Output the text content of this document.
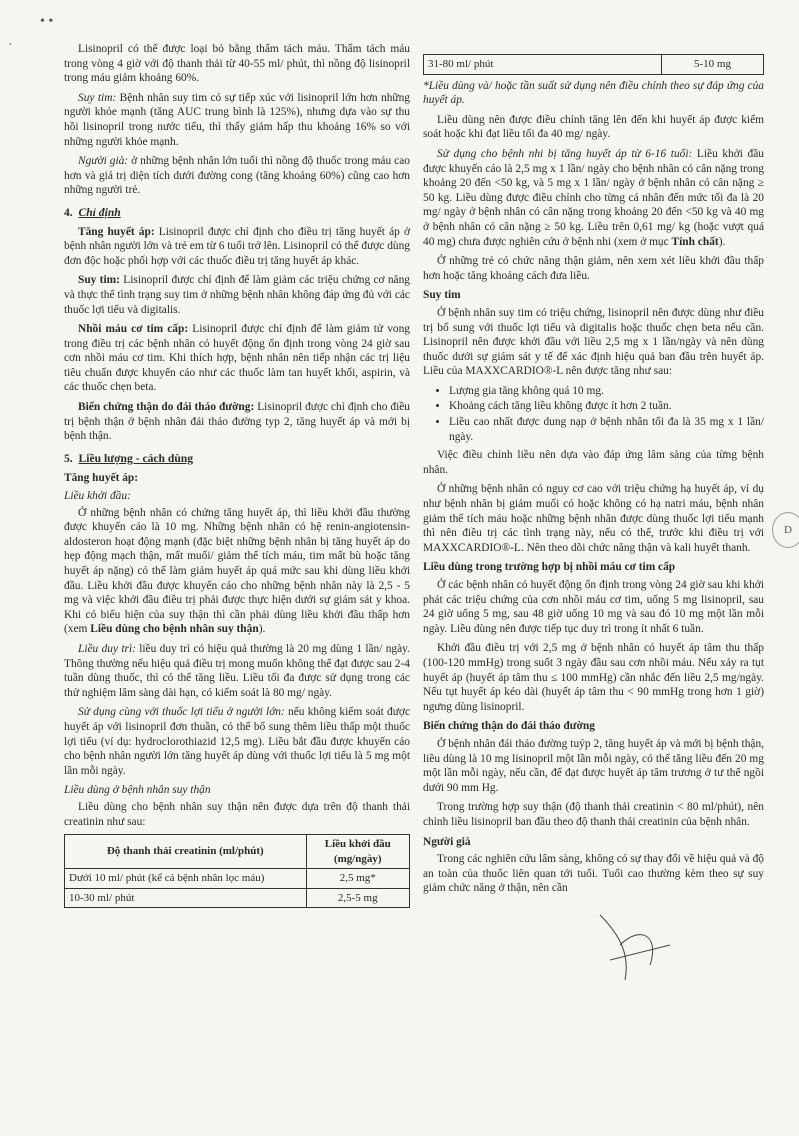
• •
·
D

Lisinopril có thể được loại bỏ bằng thẩm tách máu. Thẩm tách máu trong vòng 4 giờ với độ thanh thải từ 40-55 ml/ phút, thì nồng độ lisinopril trong máu giảm khoảng 60%.

Suy tim: Bệnh nhân suy tim có sự tiếp xúc với lisinopril lớn hơn những người khỏe mạnh (tăng AUC trung bình là 125%), nhưng dựa vào sự thu hồi lisinopril trong nước tiểu, thì thấy giảm hấp thu khoảng 16% so với những người khỏe mạnh.

Người già: ở những bệnh nhân lớn tuổi thì nồng độ thuốc trong máu cao hơn và giá trị diện tích dưới đường cong (tăng khoảng 60%) cũng cao hơn những người trẻ.

4. Chỉ định

Tăng huyết áp: Lisinopril được chỉ định cho điều trị tăng huyết áp ở bệnh nhân người lớn và trẻ em từ 6 tuổi trở lên. Lisinopril có thể được dùng đơn độc hoặc phối hợp với các thuốc điều trị tăng huyết áp khác.

Suy tim: Lisinopril được chỉ định để làm giảm các triệu chứng cơ năng và thực thể tình trạng suy tim ở những bệnh nhân không đáp ứng đủ với các thuốc lợi tiểu và digitalis.

Nhồi máu cơ tim cấp: Lisinopril được chỉ định để làm giảm tử vong trong điều trị các bệnh nhân có huyết động ổn định trong vòng 24 giờ sau cơn nhồi máu cơ tim. Khi thích hợp, bệnh nhân nên tiếp nhận các trị liệu tiêu chuẩn được khuyến cáo như các thuốc làm tan huyết khối, aspirin, và các thuốc chẹn beta.

Biến chứng thận do đái tháo đường: Lisinopril được chỉ định cho điều trị bệnh thận ở bệnh nhân đái tháo đường typ 2, tăng huyết áp và mới bị bệnh thận.

5. Liều lượng - cách dùng
Tăng huyết áp:
Liều khởi đầu:

Ở những bệnh nhân có chứng tăng huyết áp, thì liều khởi đầu thường được khuyến cáo là 10 mg. Những bệnh nhân có hệ renin-angiotensin-aldosteron hoạt động mạnh (đặc biệt những bệnh nhân bị tăng huyết áp do hẹp động mạch thận, mất muối/ giảm thể tích máu, tim mất bù hoặc tăng huyết áp nặng) có thể làm giảm huyết áp quá mức sau khi dùng liều khởi đầu. Liều khởi đầu được khuyến cáo cho những bệnh nhân này là 2,5 - 5 mg và việc khởi đầu điều trị phải được thực hiện dưới sự giám sát y khoa. Khi có biểu hiện của suy thận thì cần phải dùng liều khởi đầu thấp hơn (xem Liều dùng cho bệnh nhân suy thận).

Liều duy trì: liều duy trì có hiệu quả thường là 20 mg dùng 1 lần/ ngày. Thông thường nếu hiệu quả điều trị mong muốn không thể đạt được sau 2-4 tuần dùng thuốc, thì có thể tăng liều. Liều tối đa được sử dụng trong các thử nghiệm lâm sàng dài hạn, có kiểm soát là 80 mg/ ngày.

Sử dụng cùng với thuốc lợi tiểu ở người lớn: nếu không kiểm soát được huyết áp với lisinopril đơn thuần, có thể bổ sung thêm liều thấp một thuốc lợi tiểu (ví dụ: hydroclorothiazid 12,5 mg). Liều bắt đầu được khuyến cáo cho bệnh nhân người lớn tăng huyết áp dùng với thuốc lợi tiểu là 5 mg một lần mỗi ngày.

Liều dùng ở bệnh nhân suy thận

Liều dùng cho bệnh nhân suy thận nên được dựa trên độ thanh thải creatinin như sau:

Độ thanh thải creatinin (ml/phút)	Liều khởi đầu (mg/ngày)
Dưới 10 ml/ phút (kể cả bệnh nhân lọc máu)	2,5 mg*
10-30 ml/ phút	2,5-5 mg
31-80 ml/ phút	5-10 mg

*Liều dùng và/ hoặc tần suất sử dụng nên điều chỉnh theo sự đáp ứng của huyết áp.

Liều dùng nên được điều chỉnh tăng lên đến khi huyết áp được kiểm soát hoặc khi đạt liều tối đa 40 mg/ ngày.

Sử dụng cho bệnh nhi bị tăng huyết áp từ 6-16 tuổi: Liều khởi đầu được khuyến cáo là 2,5 mg x 1 lần/ ngày cho bệnh nhân có cân nặng trong khoảng 20 đến <50 kg, và 5 mg x 1 lần/ ngày ở bệnh nhân có cân nặng ≥ 50 kg. Liều dùng được điều chỉnh cho từng cá nhân đến mức tối đa là 20 mg/ ngày ở bệnh nhân có cân nặng trong khoảng 20 đến <50 kg và 40 mg ở bệnh nhân có cân nặng ≥ 50 kg. Liều trên 0,61 mg/ kg (hoặc vượt quá 40 mg) chưa được nghiên cứu ở bệnh nhi (xem ở mục Tính chất).

Ở những trẻ có chức năng thận giảm, nên xem xét liều khởi đầu thấp hơn hoặc tăng khoảng cách đưa liều.

Suy tim

Ở bệnh nhân suy tim có triệu chứng, lisinopril nên được dùng như điều trị bổ sung với thuốc lợi tiểu và digitalis hoặc thuốc chẹn beta nếu cần. Lisinopril nên được khởi đầu với liều 2,5 mg x 1 lần/ngày và nên dùng thuốc dưới sự giám sát y tế để xác định hiệu quả ban đầu trên huyết áp. Liều của MAXXCARDIO®-L nên được tăng như sau:

• Lượng gia tăng không quá 10 mg.
• Khoảng cách tăng liều không được ít hơn 2 tuần.
• Liều cao nhất được dung nạp ở bệnh nhân tối đa là 35 mg x 1 lần/ ngày.

Việc điều chỉnh liều nên dựa vào đáp ứng lâm sàng của từng bệnh nhân.

Ở những bệnh nhân có nguy cơ cao với triệu chứng hạ huyết áp, ví dụ như bệnh nhân bị giảm muối có hoặc không có hạ natri máu, bệnh nhân giảm thể tích máu hoặc những bệnh nhân được dùng thuốc lợi tiểu mạnh thì nên điều trị các tình trạng này, nếu có thể, trước khi điều trị với MAXXCARDIO®-L. Nên theo dõi chức năng thận và kali huyết thanh.

Liều dùng trong trường hợp bị nhồi máu cơ tim cấp

Ở các bệnh nhân có huyết động ổn định trong vòng 24 giờ sau khi khởi phát các triệu chứng của cơn nhồi máu cơ tim, uống 5 mg lisinopril, sau 24 giờ uống 5 mg, sau 48 giờ uống 10 mg và sau đó 10 mg một lần mỗi ngày. Liều dùng nên được tiếp tục duy trì trong ít nhất 6 tuần.

Khởi đầu điều trị với 2,5 mg ở bệnh nhân có huyết áp tâm thu thấp (100-120 mmHg) trong suốt 3 ngày đầu sau cơn nhồi máu. Nếu xảy ra tụt huyết áp (huyết áp tâm thu ≤ 100 mmHg) cần nhắc đến liều 2,5 mg/ngày. Nếu tụt huyết áp kéo dài (huyết áp tâm thu < 90 mmHg trong hơn 1 giờ) ngưng dùng lisinopril.

Biến chứng thận do đái tháo đường

Ở bệnh nhân đái tháo đường tuýp 2, tăng huyết áp và mới bị bệnh thận, liều dùng là 10 mg lisinopril một lần mỗi ngày, có thể tăng liều đến 20 mg một lần mỗi ngày, nếu cần, để đạt được huyết áp tâm trương ở tư thế ngồi dưới 90 mm Hg.

Trong trường hợp suy thận (độ thanh thải creatinin < 80 ml/phút), nên chỉnh liều lisinopril ban đầu theo độ thanh thải creatinin của bệnh nhân.

Người già

Trong các nghiên cứu lâm sàng, không có sự thay đổi về hiệu quả và độ an toàn của thuốc liên quan tới tuổi. Tuổi cao thường kèm theo sự suy giảm chức năng ở thận, nên cần
